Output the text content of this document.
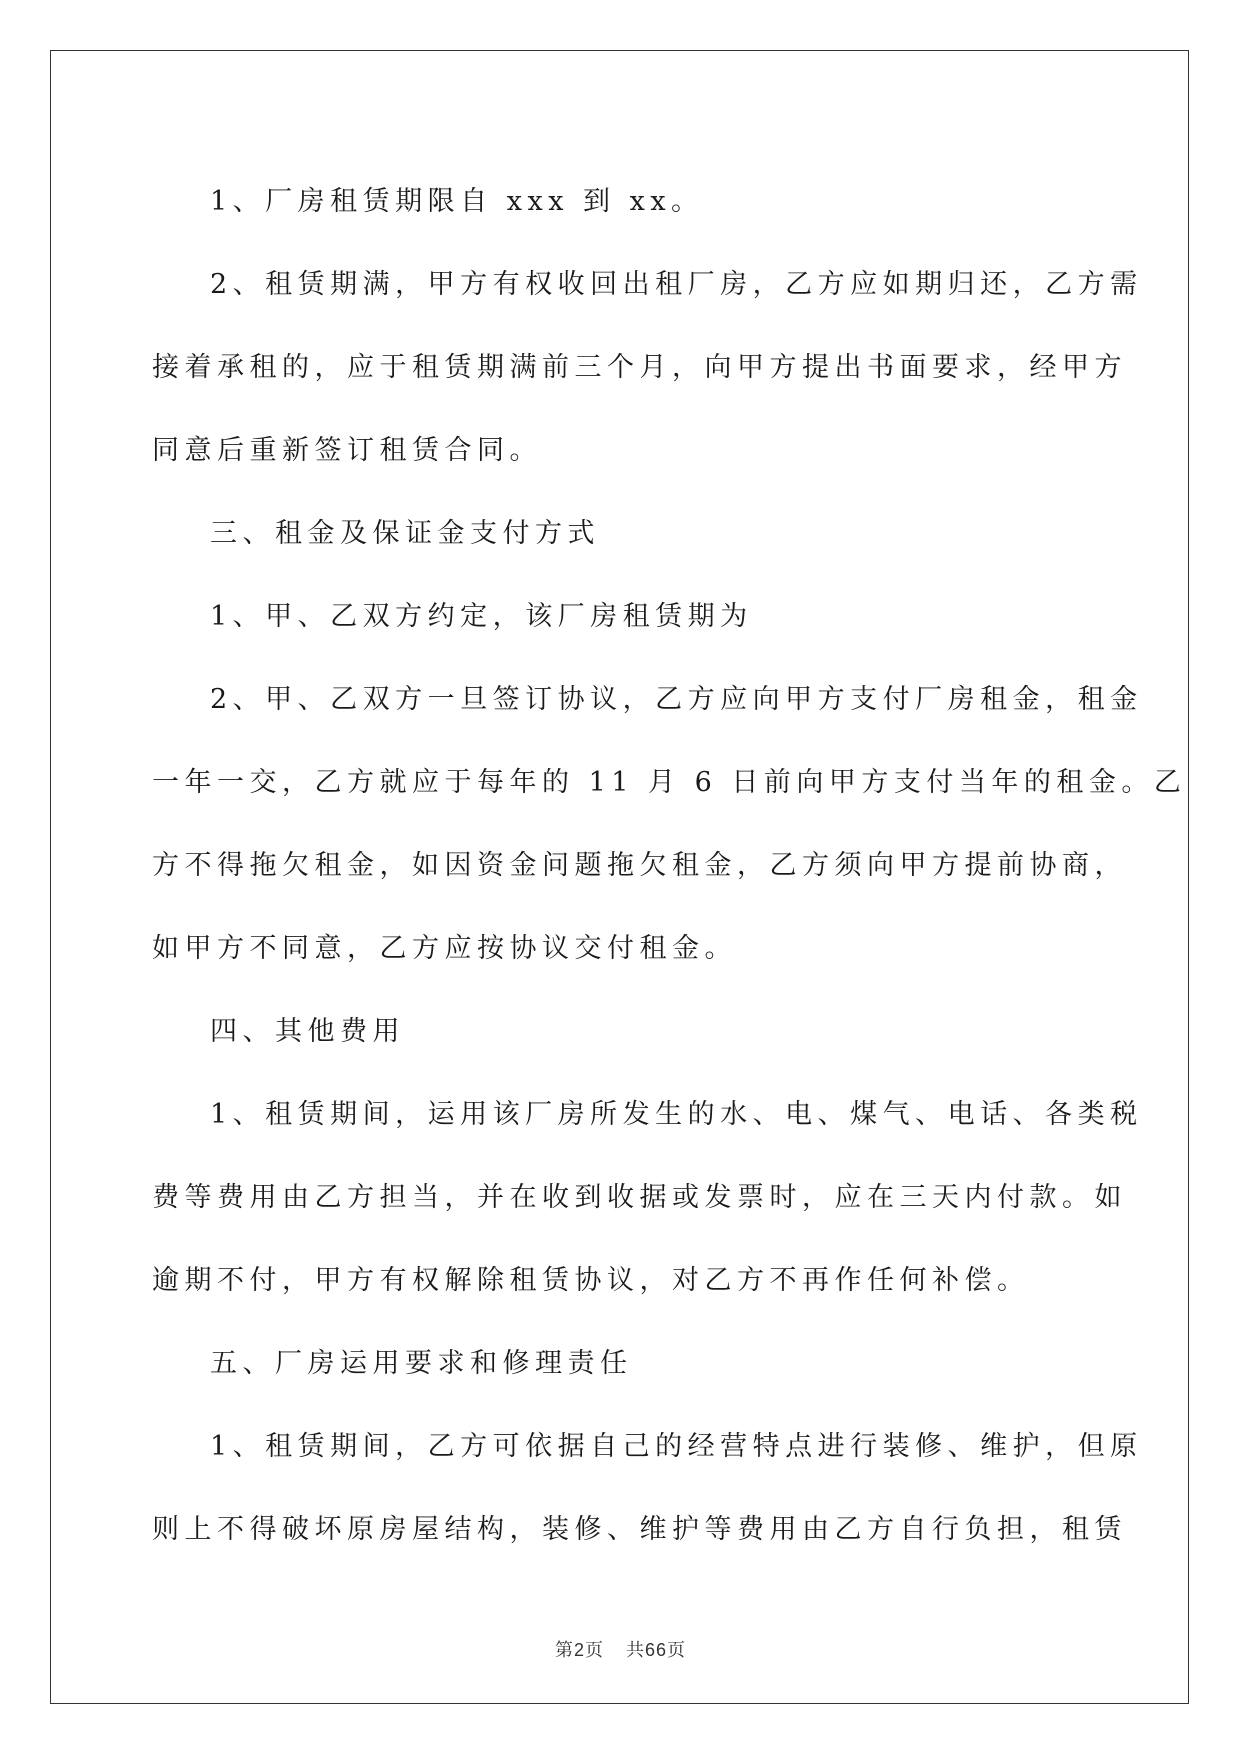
1、厂房租赁期限自 xxx 到 xx。
2、租赁期满，甲方有权收回出租厂房，乙方应如期归还，乙方需
接着承租的，应于租赁期满前三个月，向甲方提出书面要求，经甲方
同意后重新签订租赁合同。
三、租金及保证金支付方式
1、甲、乙双方约定，该厂房租赁期为
2、甲、乙双方一旦签订协议，乙方应向甲方支付厂房租金，租金
一年一交，乙方就应于每年的 11 月 6 日前向甲方支付当年的租金。乙
方不得拖欠租金，如因资金问题拖欠租金，乙方须向甲方提前协商，
如甲方不同意，乙方应按协议交付租金。
四、其他费用
1、租赁期间，运用该厂房所发生的水、电、煤气、电话、各类税
费等费用由乙方担当，并在收到收据或发票时，应在三天内付款。如
逾期不付，甲方有权解除租赁协议，对乙方不再作任何补偿。
五、厂房运用要求和修理责任
1、租赁期间，乙方可依据自己的经营特点进行装修、维护，但原
则上不得破坏原房屋结构，装修、维护等费用由乙方自行负担，租赁
第2页 共66页
